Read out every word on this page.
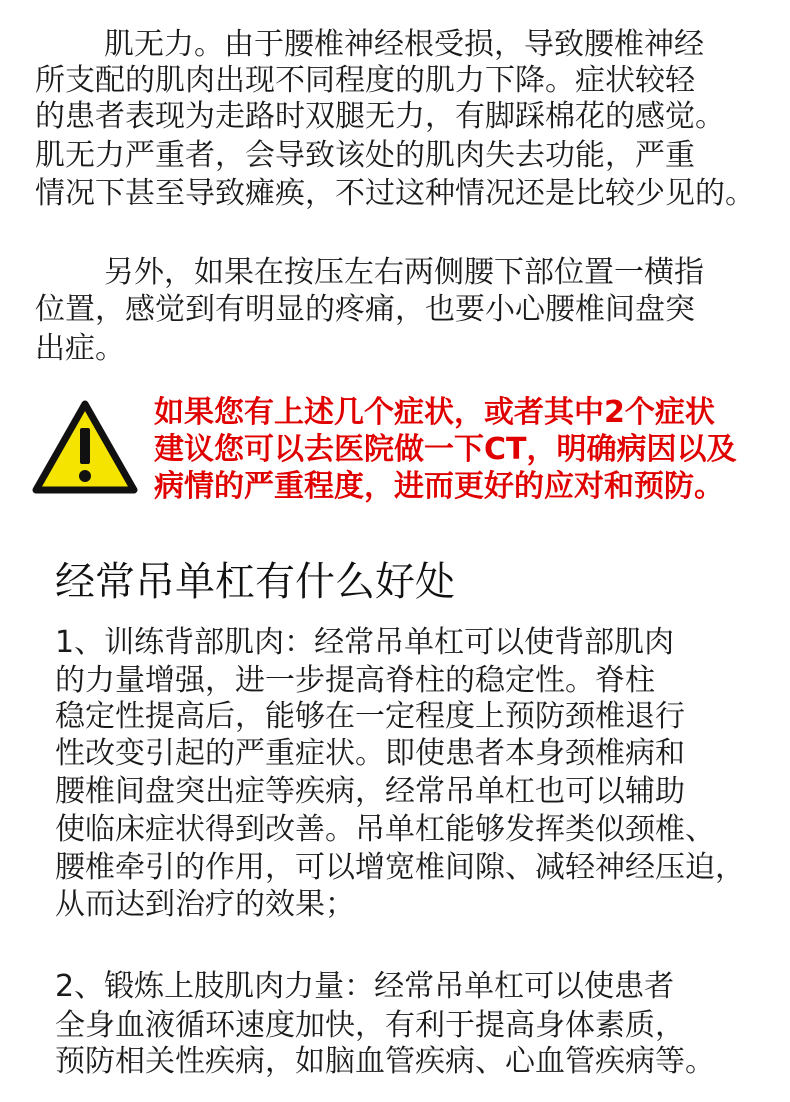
肌无力。由于腰椎神经根受损，导致腰椎神经
所支配的肌肉出现不同程度的肌力下降。症状较轻
的患者表现为走路时双腿无力，有脚踩棉花的感觉。
肌无力严重者，会导致该处的肌肉失去功能，严重
情况下甚至导致瘫痪，不过这种情况还是比较少见的。
另外，如果在按压左右两侧腰下部位置一横指
位置，感觉到有明显的疼痛，也要小心腰椎间盘突
出症。
如果您有上述几个症状，或者其中2个症状
建议您可以去医院做一下CT，明确病因以及
病情的严重程度，进而更好的应对和预防。
经常吊单杠有什么好处
1、训练背部肌肉：经常吊单杠可以使背部肌肉
的力量增强，进一步提高脊柱的稳定性。脊柱
稳定性提高后，能够在一定程度上预防颈椎退行
性改变引起的严重症状。即使患者本身颈椎病和
腰椎间盘突出症等疾病，经常吊单杠也可以辅助
使临床症状得到改善。吊单杠能够发挥类似颈椎、
腰椎牵引的作用，可以增宽椎间隙、减轻神经压迫，
从而达到治疗的效果；
2、锻炼上肢肌肉力量：经常吊单杠可以使患者
全身血液循环速度加快，有利于提高身体素质，
预防相关性疾病，如脑血管疾病、心血管疾病等。
